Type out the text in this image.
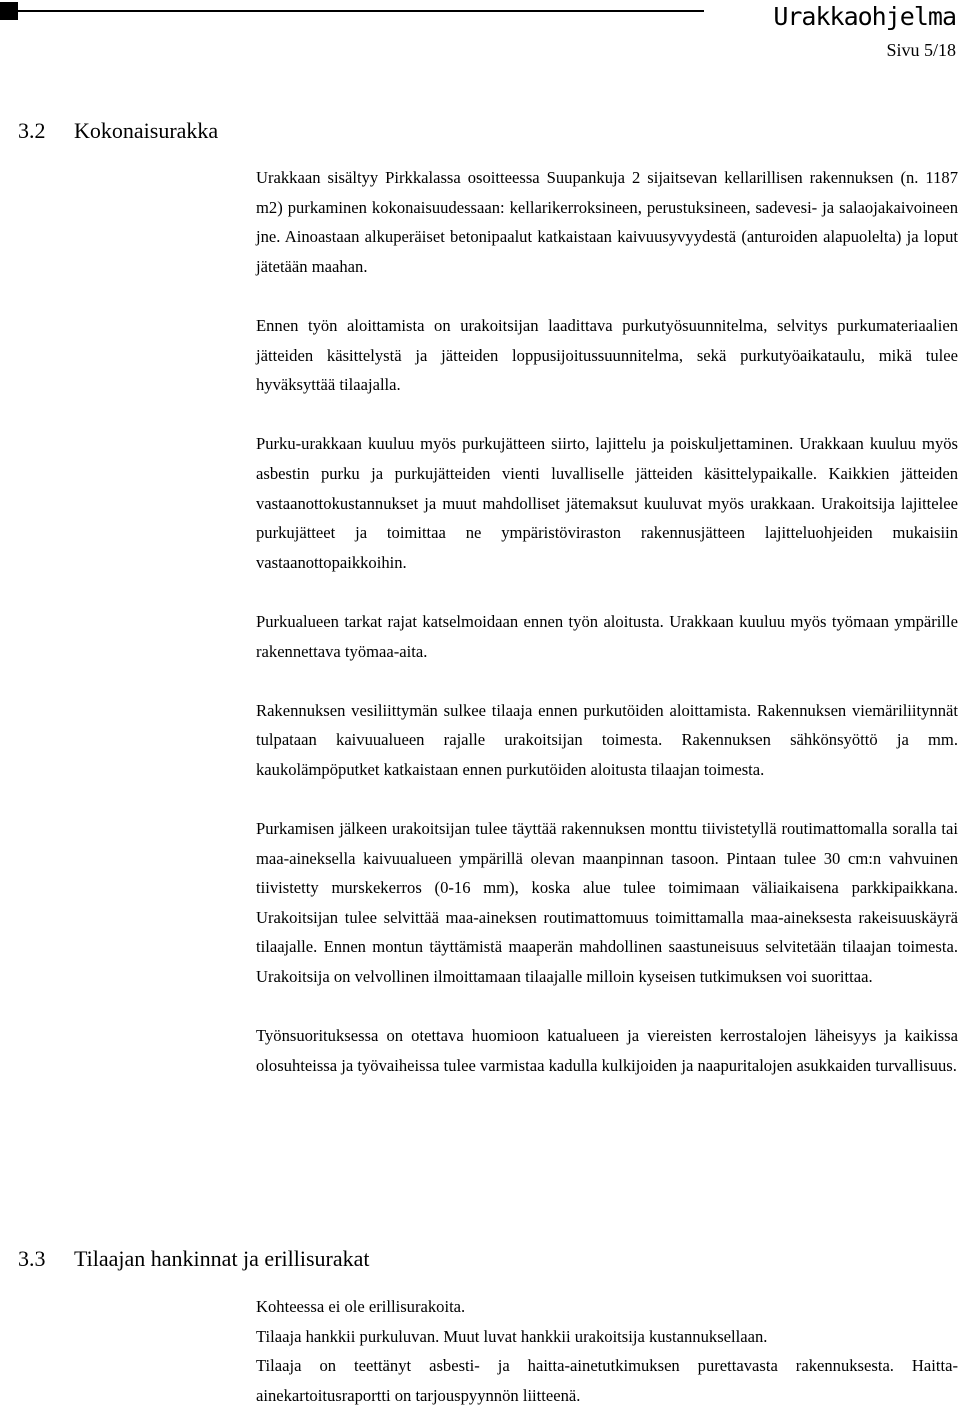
Urakkaohjelma
Sivu 5/18
3.2 Kokonaisurakka

Urakkaan sisältyy Pirkkalassa osoitteessa Suupankuja 2 sijaitsevan kellarillisen rakennuksen (n. 1187 m2) purkaminen kokonaisuudessaan: kellarikerroksineen, perustuksineen, sadevesi- ja salaojakaivoineen jne. Ainoastaan alkuperäiset betonipaalut katkaistaan kaivuusyvyydestä (anturoiden alapuolelta) ja loput jätetään maahan.

Ennen työn aloittamista on urakoitsijan laadittava purkutyösuunnitelma, selvitys purkumateriaalien jätteiden käsittelystä ja jätteiden loppusijoitussuunnitelma, sekä purkutyöaikataulu, mikä tulee hyväksyttää tilaajalla.

Purku-urakkaan kuuluu myös purkujätteen siirto, lajittelu ja poiskuljettaminen. Urakkaan kuuluu myös asbestin purku ja purkujätteiden vienti luvalliselle jätteiden käsittelypaikalle. Kaikkien jätteiden vastaanottokustannukset ja muut mahdolliset jätemaksut kuuluvat myös urakkaan. Urakoitsija lajittelee purkujätteet ja toimittaa ne ympäristöviraston rakennusjätteen lajitteluohjeiden mukaisiin vastaanottopaikkoihin.

Purkualueen tarkat rajat katselmoidaan ennen työn aloitusta. Urakkaan kuuluu myös työmaan ympärille rakennettava työmaa-aita.

Rakennuksen vesiliittymän sulkee tilaaja ennen purkutöiden aloittamista. Rakennuksen viemäriliitynnät tulpataan kaivuualueen rajalle urakoitsijan toimesta. Rakennuksen sähkönsyöttö ja mm. kaukolämpöputket katkaistaan ennen purkutöiden aloitusta tilaajan toimesta.

Purkamisen jälkeen urakoitsijan tulee täyttää rakennuksen monttu tiivistetyllä routimattomalla soralla tai maa-aineksella kaivuualueen ympärillä olevan maanpinnan tasoon. Pintaan tulee 30 cm:n vahvuinen tiivistetty murskekerros (0-16 mm), koska alue tulee toimimaan väliaikaisena parkkipaikkana. Urakoitsijan tulee selvittää maa-aineksen routimattomuus toimittamalla maa-aineksesta rakeisuuskäyrä tilaajalle. Ennen montun täyttämistä maaperän mahdollinen saastuneisuus selvitetään tilaajan toimesta. Urakoitsija on velvollinen ilmoittamaan tilaajalle milloin kyseisen tutkimuksen voi suorittaa.

Työnsuorituksessa on otettava huomioon katualueen ja viereisten kerrostalojen läheisyys ja kaikissa olosuhteissa ja työvaiheissa tulee varmistaa kadulla kulkijoiden ja naapuritalojen asukkaiden turvallisuus.

3.3 Tilaajan hankinnat ja erillisurakat
Kohteessa ei ole erillisurakoita.
Tilaaja hankkii purkuluvan. Muut luvat hankkii urakoitsija kustannuksellaan.
Tilaaja on teettänyt asbesti- ja haitta-ainetutkimuksen purettavasta rakennuksesta. Haitta-ainekartoitusraportti on tarjouspyynnön liitteenä.
